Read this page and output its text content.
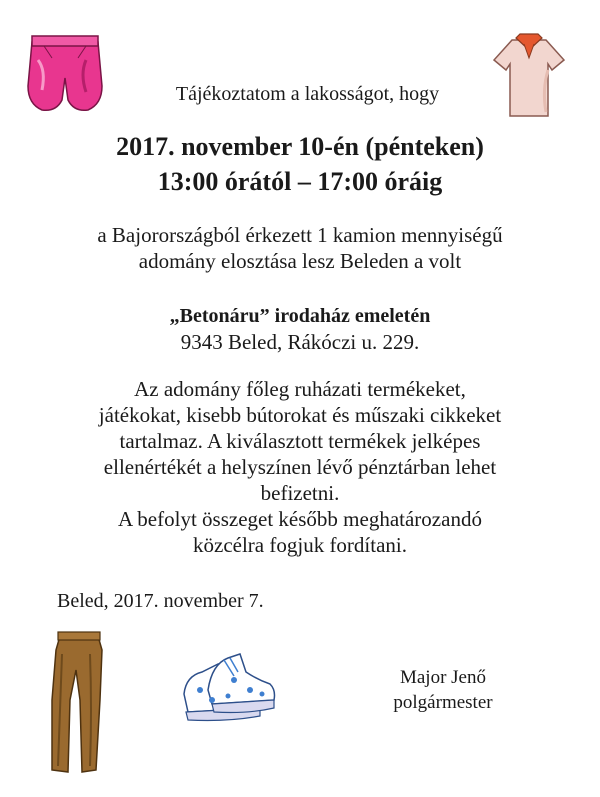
Tájékoztatom a lakosságot, hogy
2017. november 10-én (pénteken)
13:00 órától – 17:00 óráig
a Bajorországból érkezett 1 kamion mennyiségű
adomány elosztása lesz Beleden a volt
„Betonáru” irodaház emeletén
9343 Beled, Rákóczi u. 229.
Az adomány főleg ruházati termékeket,
játékokat, kisebb bútorokat és műszaki cikkeket
tartalmaz. A kiválasztott termékek jelképes
ellenértékét a helyszínen lévő pénztárban lehet
befizetni.
A befolyt összeget később meghatározandó
közcélra fogjuk fordítani.
Beled, 2017. november 7.
Major Jenő
polgármester
